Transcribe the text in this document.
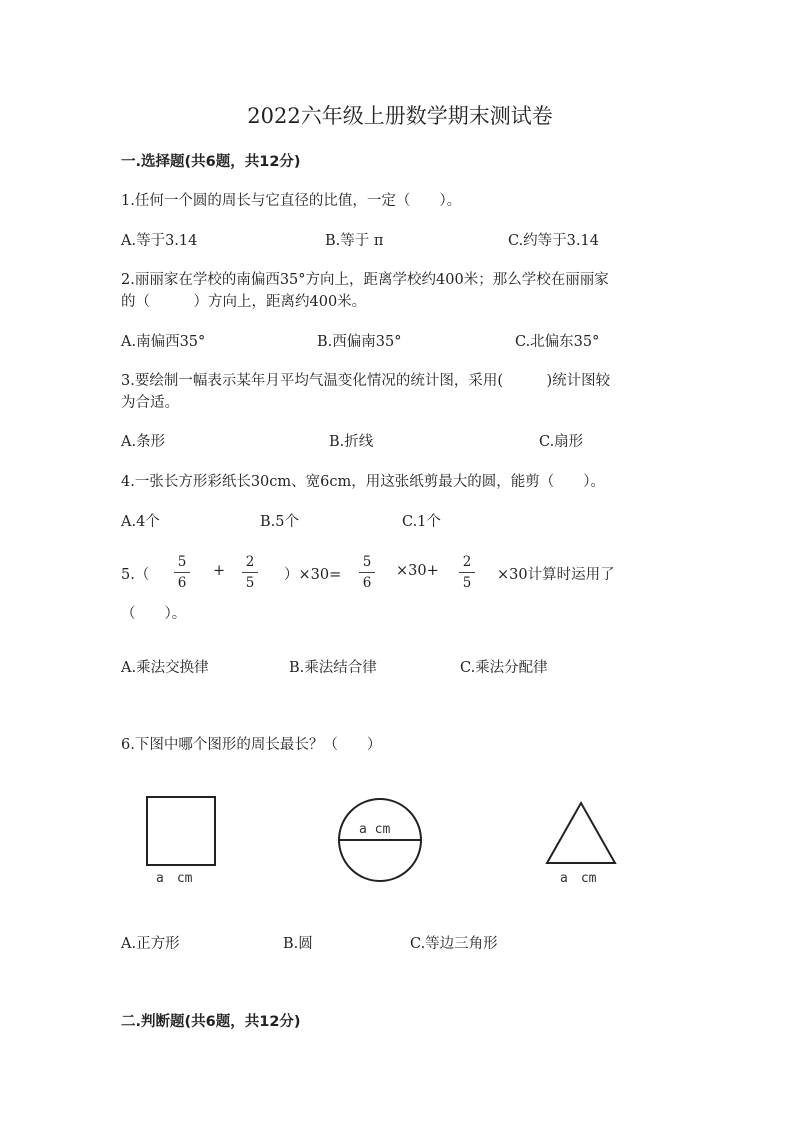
2022六年级上册数学期末测试卷
一.选择题(共6题，共12分)
1.任何一个圆的周长与它直径的比值，一定（　　）。
A.等于3.14	B.等于 π	C.约等于3.14
2.丽丽家在学校的南偏西35°方向上，距离学校约400米；那么学校在丽丽家
的（　　　）方向上，距离约400米。
A.南偏西35°	B.西偏南35°	C.北偏东35°
3.要绘制一幅表示某年月平均气温变化情况的统计图，采用(　　　)统计图较
为合适。
A.条形	B.折线	C.扇形
4.一张长方形彩纸长30cm、宽6cm，用这张纸剪最大的圆，能剪（　　）。
A.4个	B.5个	C.1个
5.（
5
6
+
2
5	）×30=
5
6
×30+
2
5	×30计算时运用了
（　　）。
A.乘法交换律	B.乘法结合律	C.乘法分配律
6.下图中哪个图形的周长最长？（　　）
a　cm
a cm
a　cm
A.正方形	B.圆	C.等边三角形
二.判断题(共6题，共12分)
